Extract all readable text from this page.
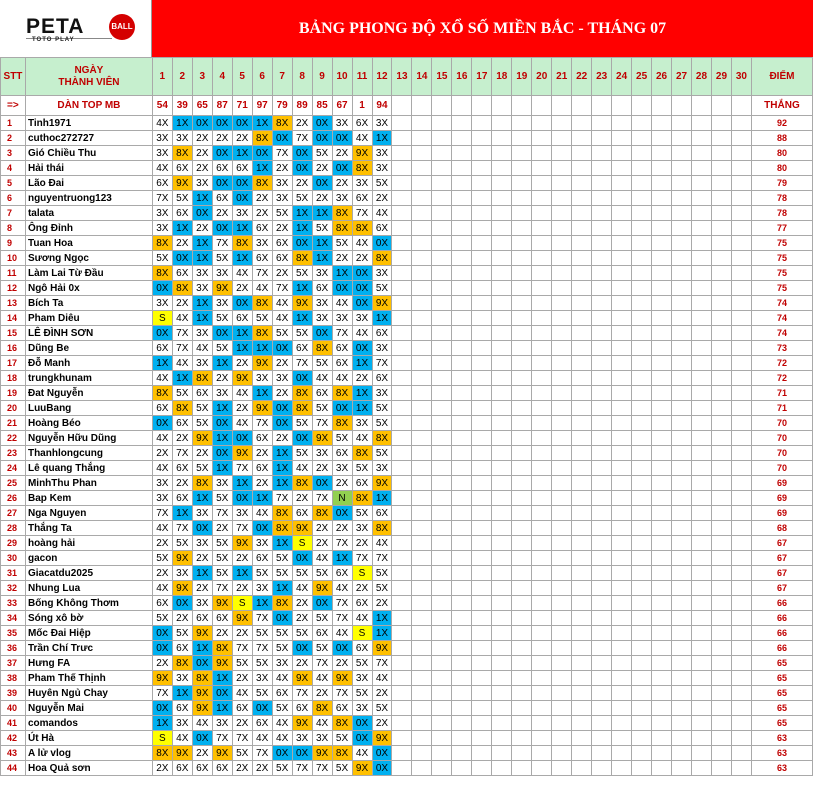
PETA	BALL
TOTO PLAY
BẢNG PHONG ĐỘ XỔ SỐ MIỀN BẮC - THÁNG 07
STT	NGÀY
THÀNH VIÊN	1	2	3	4	5	6	7	8	9	10	11	12	13	14	15	16	17	18	19	20	21	22	23	24	25	26	27	28	29	30	ĐIỂM
=>	DÀN TOP MB	54	39	65	87	71	97	79	89	85	67	1	94																			THẮNG
1	Tinh1971	4X	1X	0X	0X	0X	1X	8X	2X	0X	3X	6X	3X																			92
2	cuthoc272727	3X	3X	2X	2X	2X	8X	0X	7X	0X	0X	4X	1X																			88
3	Gió Chiều Thu	3X	8X	2X	0X	1X	0X	7X	0X	5X	2X	9X	3X																			80
4	Hải thái	4X	6X	2X	6X	6X	1X	2X	0X	2X	0X	8X	3X																			80
5	Lão Đai	6X	9X	3X	0X	0X	8X	3X	2X	0X	2X	3X	5X																			79
6	nguyentruong123	7X	5X	1X	6X	0X	2X	3X	5X	2X	3X	6X	2X																			78
7	talata	3X	6X	0X	2X	3X	2X	5X	1X	1X	8X	7X	4X																			78
8	Ông Đỉnh	3X	1X	2X	0X	1X	6X	2X	1X	5X	8X	8X	6X																			77
9	Tuan Hoa	8X	2X	1X	7X	8X	3X	6X	0X	1X	5X	4X	0X																			75
10	Sương Ngọc	5X	0X	1X	5X	1X	6X	6X	8X	1X	2X	2X	8X																			75
11	Làm Lai Từ Đầu	8X	6X	3X	3X	4X	7X	2X	5X	3X	1X	0X	3X																			75
12	Ngô Hải 0x	0X	8X	3X	9X	2X	4X	7X	1X	6X	0X	0X	5X																			75
13	Bích Ta	3X	2X	1X	3X	0X	8X	4X	9X	3X	4X	0X	9X																			74
14	Pham Diêu	S	4X	1X	5X	6X	5X	4X	1X	3X	3X	3X	1X																			74
15	LÊ ĐÌNH SƠN	0X	7X	3X	0X	1X	8X	5X	5X	0X	7X	4X	6X																			74
16	Dũng Be	6X	7X	4X	5X	1X	1X	0X	6X	8X	6X	0X	3X																			73
17	Đỗ Manh	1X	4X	3X	1X	2X	9X	2X	7X	5X	6X	1X	7X																			72
18	trungkhunam	4X	1X	8X	2X	9X	3X	3X	0X	4X	4X	2X	6X																			72
19	Đat Nguyễn	8X	5X	6X	3X	4X	1X	2X	8X	6X	8X	1X	3X																			71
20	LuuBang	6X	8X	5X	1X	2X	9X	0X	8X	5X	0X	1X	5X																			71
21	Hoàng Béo	0X	6X	5X	0X	4X	7X	0X	5X	7X	8X	3X	5X																			70
22	Nguyễn Hữu Dũng	4X	2X	9X	1X	0X	6X	2X	0X	9X	5X	4X	8X																			70
23	Thanhlongcung	2X	7X	2X	0X	9X	2X	1X	5X	3X	6X	8X	5X																			70
24	Lê quang Thắng	4X	6X	5X	1X	7X	6X	1X	4X	2X	3X	5X	3X																			70
25	MinhThu Phan	3X	2X	8X	3X	1X	2X	1X	8X	0X	2X	6X	9X																			69
26	Bap Kem	3X	6X	1X	5X	0X	1X	7X	2X	7X	N	8X	1X																			69
27	Nga Nguyen	7X	1X	3X	7X	3X	4X	8X	6X	8X	0X	5X	6X																			69
28	Thắng Ta	4X	7X	0X	2X	7X	0X	8X	9X	2X	2X	3X	8X																			68
29	hoàng hải	2X	5X	3X	5X	9X	3X	1X	S	2X	7X	2X	4X																			67
30	gacon	5X	9X	2X	5X	2X	6X	5X	0X	4X	1X	7X	7X																			67
31	Giacatdu2025	2X	3X	1X	5X	1X	5X	5X	5X	5X	6X	S	5X																			67
32	Nhung Lua	4X	9X	2X	7X	2X	3X	1X	4X	9X	4X	2X	5X																			67
33	Bống Không Thơm	6X	0X	3X	9X	S	1X	8X	2X	0X	7X	6X	2X																			66
34	Sóng xô bờ	5X	2X	6X	6X	9X	7X	0X	2X	5X	7X	4X	1X																			66
35	Mốc Đai Hiệp	0X	5X	9X	2X	2X	5X	5X	5X	6X	4X	S	1X																			66
36	Trần Chí Trưc	0X	6X	1X	8X	7X	7X	5X	0X	5X	0X	6X	9X																			66
37	Hưng FA	2X	8X	0X	9X	5X	5X	3X	2X	7X	2X	5X	7X																			65
38	Pham Thế Thịnh	9X	3X	8X	1X	2X	3X	4X	9X	4X	9X	3X	4X																			65
39	Huyên Ngủ Chay	7X	1X	9X	0X	4X	5X	6X	7X	2X	7X	5X	2X																			65
40	Nguyễn Mai	0X	6X	9X	1X	6X	0X	5X	6X	8X	6X	3X	5X																			65
41	comandos	1X	3X	4X	3X	2X	6X	4X	9X	4X	8X	0X	2X																			65
42	Út Hà	S	4X	0X	7X	7X	4X	4X	3X	3X	5X	0X	9X																			63
43	A lử vlog	8X	9X	2X	9X	5X	7X	0X	0X	9X	8X	4X	0X																			63
44	Hoa Quả sơn	2X	6X	6X	6X	2X	2X	5X	7X	7X	5X	9X	0X																			63
